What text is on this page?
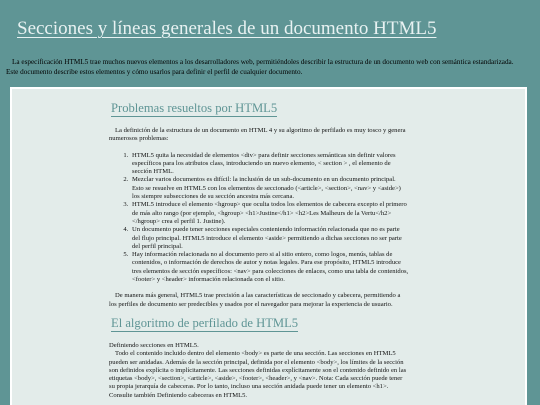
Secciones y líneas generales de un documento HTML5

La especificación HTML5 trae muchos nuevos elementos a los desarrolladores web, permitiéndoles describir la estructura de un documento web con semántica estandarizada. Este documento describe estos elementos y cómo usarlos para definir el perfil de cualquier documento.

Problemas resueltos por HTML5

La definición de la estructura de un documento en HTML 4 y su algoritmo de perfilado es muy tosco y genera numerosos problemas:

1. HTML5 quita la necesidad de elementos <div> para definir secciones semánticas sin definir valores específicos para los atributos class, introduciendo un nuevo elemento, < section > , el elemento de sección HTML.
2. Mezclar varios documentos es difícil: la inclusión de un sub-documento en un documento principal. Esto se resuelve en HTML5 con los elementos de seccionado (<article>, <section>, <nav> y <aside>) los siempre subsecciones de su sección ancestra más cercana.
3. HTML5 introduce el elemento <hgroup> que oculta todos los elementos de cabecera excepto el primero de más alto rango (por ejemplo, <hgroup> <h1>Justine</h1> <h2>Les Malheurs de la Vertu</h2> </hgroup> crea el perfil 1. Justine).
4. Un documento puede tener secciones especiales conteniendo información relacionada que no es parte del flujo principal. HTML5 introduce el elemento <aside> permitiendo a dichas secciones no ser parte del perfil principal.
5. Hay información relacionada no al documento pero si al sitio entero, como logos, menús, tablas de contenidos, o información de derechos de autor y notas legales. Para ese propósito, HTML5 introduce tres elementos de sección específicos: <nav> para colecciones de enlaces, como una tabla de contenidos, <footer> y <header> información relacionada con el sitio.

De manera más general, HTML5 trae precisión a las características de seccionado y cabecera, permitiendo a los perfiles de documento ser predecibles y usados por el navegador para mejorar la experiencia de usuario.

El algoritmo de perfilado de HTML5

Definiendo secciones en HTML5.

Todo el contenido incluido dentro del elemento <body> es parte de una sección. Las secciones en HTML5 pueden ser anidadas. Además de la sección principal, definida por el elemento <body>, los límites de la sección son definidos explícita o implícitamente. Las secciones definidas explícitamente son el contenido definido en las etiquetas <body>, <section>, <article>, <aside>, <footer>, <header>, y <nav>. Nota: Cada sección puede tener su propia jerarquía de cabeceras. Por lo tanto, incluso una sección anidada puede tener un elemento <h1>. Consulte también Definiendo cabeceras en HTML5.
